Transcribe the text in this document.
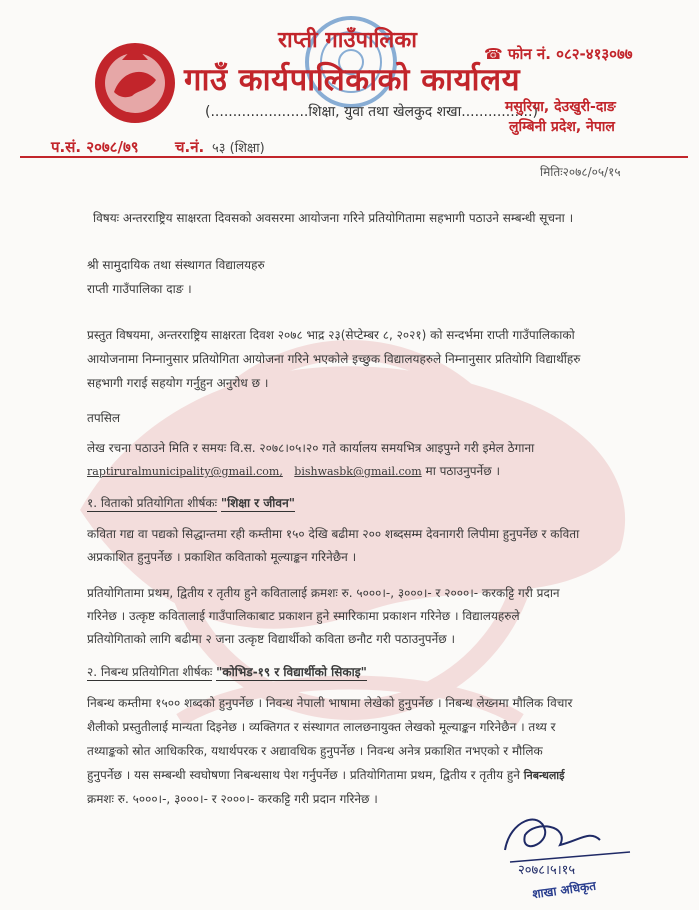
राप्ती गाउँपालिका
गाउँ कार्यपालिकाको कार्यालय
(......................शिक्षा, युवा तथा खेलकुद शखा................)
☎ फोन नं. ०८२-४१३०७७
मसुरिया, देउखुरी-दाङ
लुम्बिनी प्रदेश, नेपाल
प.सं. २०७८/७९ च.नं. ५३ (शिक्षा)
मितिः२०७८/०५/१५
विषयः अन्तरराष्ट्रिय साक्षरता दिवसको अवसरमा आयोजना गरिने प्रतियोगितामा सहभागी पठाउने सम्बन्धी सूचना ।
श्री सामुदायिक तथा संस्थागत विद्यालयहरु
राप्ती गाउँपालिका दाङ ।
प्रस्तुत विषयमा, अन्तरराष्ट्रिय साक्षरता दिवश २०७८ भाद्र २३(सेप्टेम्बर ८, २०२१) को सन्दर्भमा राप्ती गाउँपालिकाको
आयोजनामा निम्नानुसार प्रतियोगिता आयोजना गरिने भएकोले इच्छुक विद्यालयहरुले निम्नानुसार प्रतियोगि विद्यार्थीहरु
सहभागी गराई सहयोग गर्नुहुन अनुरोध छ ।
तपसिल
लेख रचना पठाउने मिति र समयः वि.स. २०७८।०५।२० गते कार्यालय समयभित्र आइपुग्ने गरी इमेल ठेगाना
raptiruralmunicipality@gmail.com, bishwasbk@gmail.com मा पठाउनुपर्नेछ ।
१. विताको प्रतियोगिता शीर्षकः "शिक्षा र जीवन"
कविता गद्य वा पद्यको सिद्धान्तमा रही कम्तीमा १५० देखि बढीमा २०० शब्दसम्म देवनागरी लिपीमा हुनुपर्नेछ र कविता
अप्रकाशित हुनुपर्नेछ । प्रकाशित कविताको मूल्याङ्कन गरिनेछैन ।
प्रतियोगितामा प्रथम, द्वितीय र तृतीय हुने कवितालाई क्रमशः रु. ५०००।-, ३०००।- र २०००।- करकट्टि गरी प्रदान
गरिनेछ । उत्कृष्ट कवितालाई गाउँपालिकाबाट प्रकाशन हुने स्मारिकामा प्रकाशन गरिनेछ । विद्यालयहरुले
प्रतियोगिताको लागि बढीमा २ जना उत्कृष्ट विद्यार्थीको कविता छनौट गरी पठाउनुपर्नेछ ।
२. निबन्ध प्रतियोगिता शीर्षकः "कोभिड-१९ र विद्यार्थीको सिकाइ"
निबन्ध कम्तीमा १५०० शब्दको हुनुपर्नेछ । निवन्ध नेपाली भाषामा लेखेको हुनुपर्नेछ । निबन्ध लेख्नमा मौलिक विचार
शैलीको प्रस्तुतीलाई मान्यता दिइनेछ । व्यक्तिगत र संस्थागत लालछनायुक्त लेखको मूल्याङ्कन गरिनेछैन । तथ्य र
तथ्याङ्कको स्रोत आधिकरिक, यथार्थपरक र अद्यावधिक हुनुपर्नेछ । निवन्ध अनेत्र प्रकाशित नभएको र मौलिक
हुनुपर्नेछ । यस सम्बन्धी स्वघोषणा निबन्धसाथ पेश गर्नुपर्नेछ । प्रतियोगितामा प्रथम, द्वितीय र तृतीय हुने निबन्धलाई
क्रमशः रु. ५०००।-, ३०००।- र २०००।- करकट्टि गरी प्रदान गरिनेछ ।
२०७८।५।१५
शाखा अधिकृत
